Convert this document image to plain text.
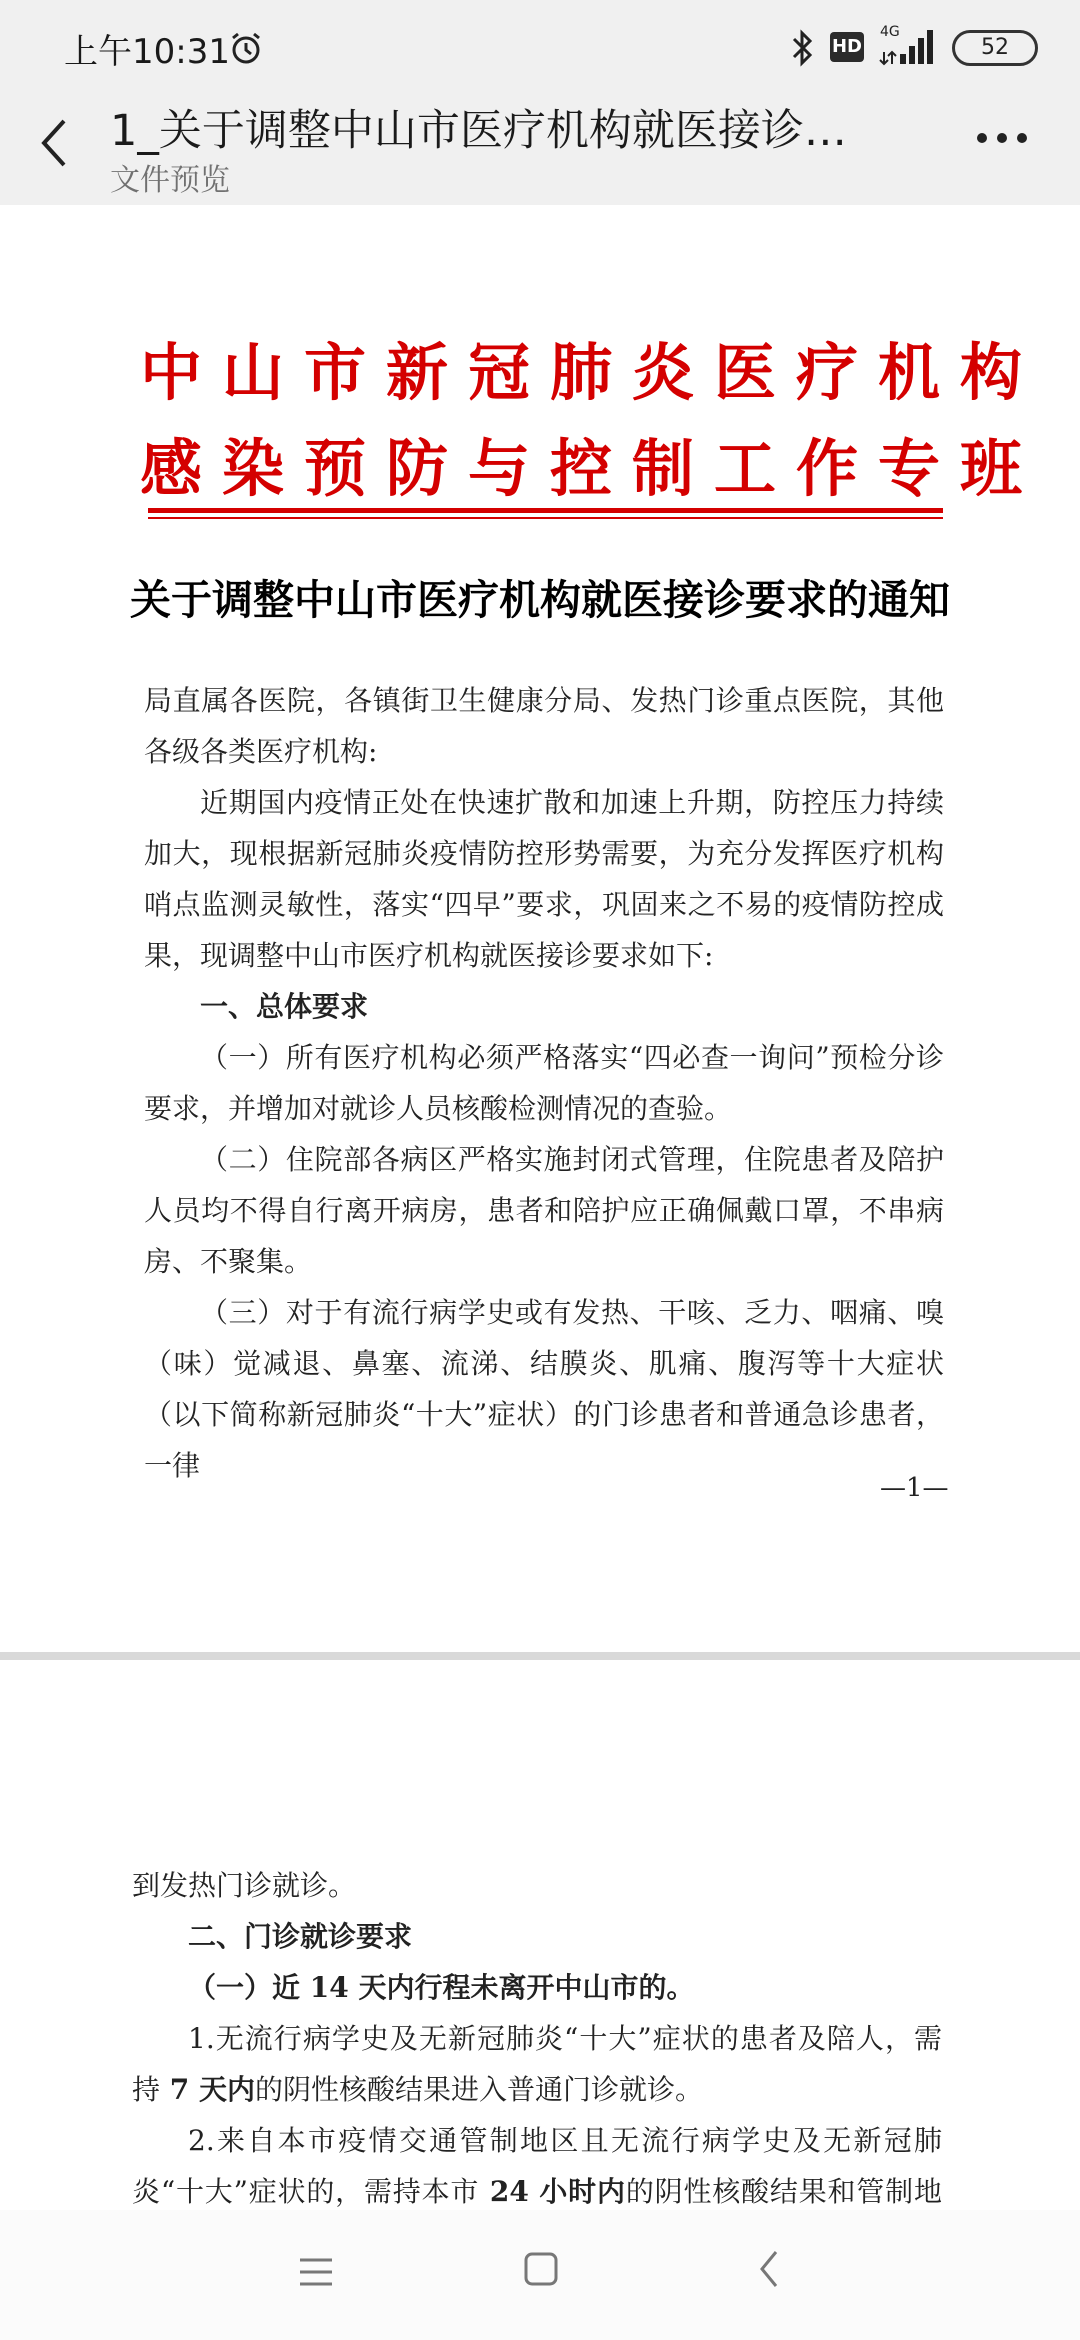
上午10:31	HD
4G
52
1_关于调整中山市医疗机构就医接诊…
文件预览
中山市新冠肺炎医疗机构
感染预防与控制工作专班
关于调整中山市医疗机构就医接诊要求的通知

局直属各医院，各镇街卫生健康分局、发热门诊重点医院，其他各级各类医疗机构:

近期国内疫情正处在快速扩散和加速上升期，防控压力持续加大，现根据新冠肺炎疫情防控形势需要，为充分发挥医疗机构哨点监测灵敏性，落实“四早”要求，巩固来之不易的疫情防控成果，现调整中山市医疗机构就医接诊要求如下:

一、总体要求

（一）所有医疗机构必须严格落实“四必查一询问”预检分诊要求，并增加对就诊人员核酸检测情况的查验。

（二）住院部各病区严格实施封闭式管理，住院患者及陪护人员均不得自行离开病房，患者和陪护应正确佩戴口罩，不串病房、不聚集。

（三）对于有流行病学史或有发热、干咳、乏力、咽痛、嗅（味）觉减退、鼻塞、流涕、结膜炎、肌痛、腹泻等十大症状（以下简称新冠肺炎“十大”症状）的门诊患者和普通急诊患者，一律

—1—

到发热门诊就诊。

二、门诊就诊要求

（一）近 14 天内行程未离开中山市的。

1.无流行病学史及无新冠肺炎“十大”症状的患者及陪人，需持 7 天内的阴性核酸结果进入普通门诊就诊。

2.来自本市疫情交通管制地区且无流行病学史及无新冠肺炎“十大”症状的，需持本市 24 小时内的阴性核酸结果和管制地
